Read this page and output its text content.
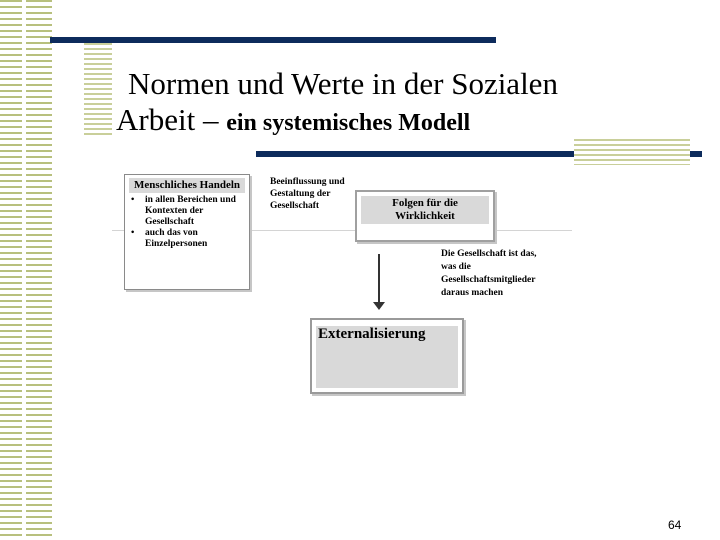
Normen und Werte in der Sozialen
Arbeit – ein systemisches Modell
Menschliches Handeln
• in allen Bereichen und Kontexten der Gesellschaft
• auch das von Einzelpersonen
Beeinflussung und Gestaltung der Gesellschaft	Folgen für die Wirklichkeit
Die Gesellschaft ist das, was die Gesellschaftsmitglieder daraus machen
Externalisierung
64
